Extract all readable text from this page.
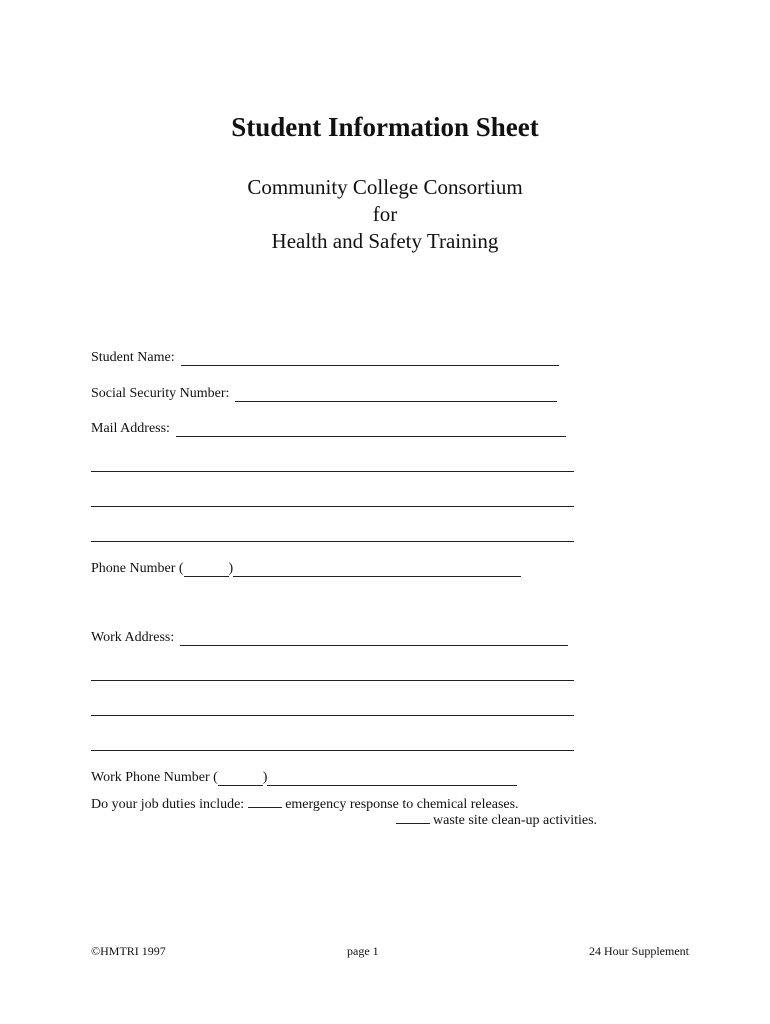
Student Information Sheet
Community College Consortium
for
Health and Safety Training
Student Name:
Social Security Number:
Mail Address:
Phone Number (	)
Work Address:
Work Phone Number (	)
Do your job duties include:	emergency response to chemical releases.
waste site clean-up activities.
©HMTRI 1997	page 1	24 Hour Supplement
